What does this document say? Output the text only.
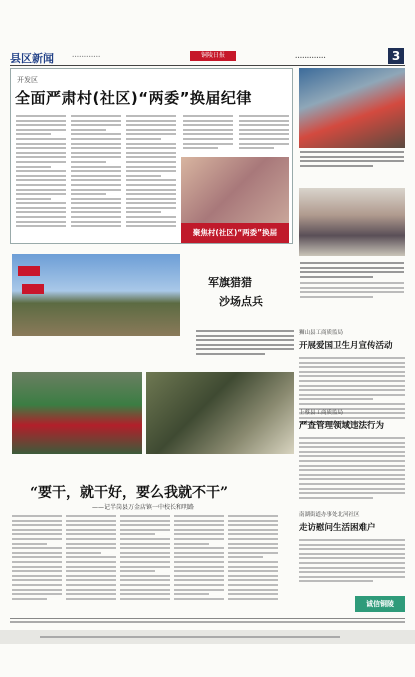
县区新闻	••••••••••••	铜陵日报	•••••••••••••	3
开发区
全面严肃村(社区)“两委”换届纪律
聚焦村(社区)“两委”换届
军旗猎猎
沙场点兵
狮山县工商质监局
开展爱国卫生月宣传活动
上蔡县工商质监局
严查管理领域违法行为
南湖街道办事处北河社区
走访慰问生活困难户
“要干，就干好，要么我就不干”
——记半岗县万金店镇一中校长和明路
诚信铜陵
